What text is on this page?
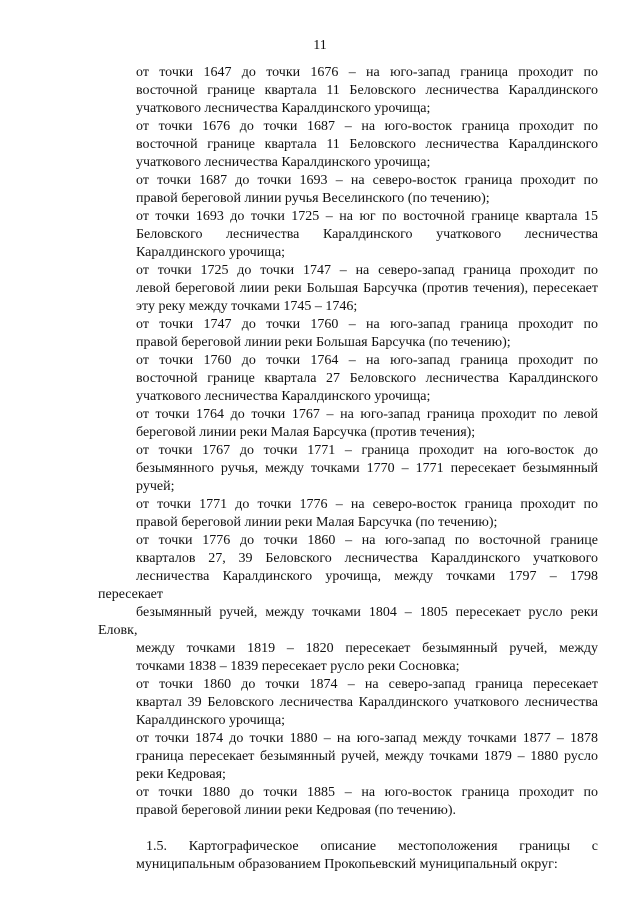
11

от точки 1647 до точки 1676 – на юго-запад граница проходит по
восточной границе квартала 11 Беловского лесничества Каралдинского
учаткового лесничества Каралдинского урочища;

от точки 1676 до точки 1687 – на юго-восток граница проходит по
восточной границе квартала 11 Беловского лесничества Каралдинского
учаткового лесничества Каралдинского урочища;

от точки 1687 до точки 1693 – на северо-восток граница проходит по
правой береговой линии ручья Веселинского (по течению);

от точки 1693 до точки 1725 – на юг по восточной границе квартала 15
Беловского лесничества Каралдинского учаткового лесничества
Каралдинского урочища;

от точки 1725 до точки 1747 – на северо-запад граница проходит по
левой береговой лиии реки Большая Барсучка (против течения), пересекает
эту реку между точками 1745 – 1746;

от точки 1747 до точки 1760 – на юго-запад граница проходит по
правой береговой линии реки Большая Барсучка (по течению);

от точки 1760 до точки 1764 – на юго-запад граница проходит по
восточной границе квартала 27 Беловского лесничества Каралдинского
учаткового лесничества Каралдинского урочища;

от точки 1764 до точки 1767 – на юго-запад граница проходит по левой
береговой линии реки Малая Барсучка (против течения);

от точки 1767 до точки 1771 – граница проходит на юго-восток до
безымянного ручья, между точками 1770 – 1771 пересекает безымянный
ручей;

от точки 1771 до точки 1776 – на северо-восток граница проходит по
правой береговой линии реки Малая Барсучка (по течению);

от точки 1776 до точки 1860 – на юго-запад по восточной границе
кварталов 27, 39 Беловского лесничества Каралдинского учаткового
лесничества Каралдинского урочища, между точками 1797 – 1798 пересекает
безымянный ручей, между точками 1804 – 1805 пересекает русло реки Еловк,
между точками 1819 – 1820 пересекает безымянный ручей, между
точками 1838 – 1839 пересекает русло реки Сосновка;

от точки 1860 до точки 1874 – на северо-запад граница пересекает
квартал 39 Беловского лесничества Каралдинского учаткового лесничества
Каралдинского урочища;

от точки 1874 до точки 1880 – на юго-запад между точками 1877 – 1878
граница пересекает безымянный ручей, между точками 1879 – 1880 русло
реки Кедровая;

от точки 1880 до точки 1885 – на юго-восток граница проходит по
правой береговой линии реки Кедровая (по течению).

1.5. Картографическое описание местоположения границы с
муниципальным образованием Прокопьевский муниципальный округ:
